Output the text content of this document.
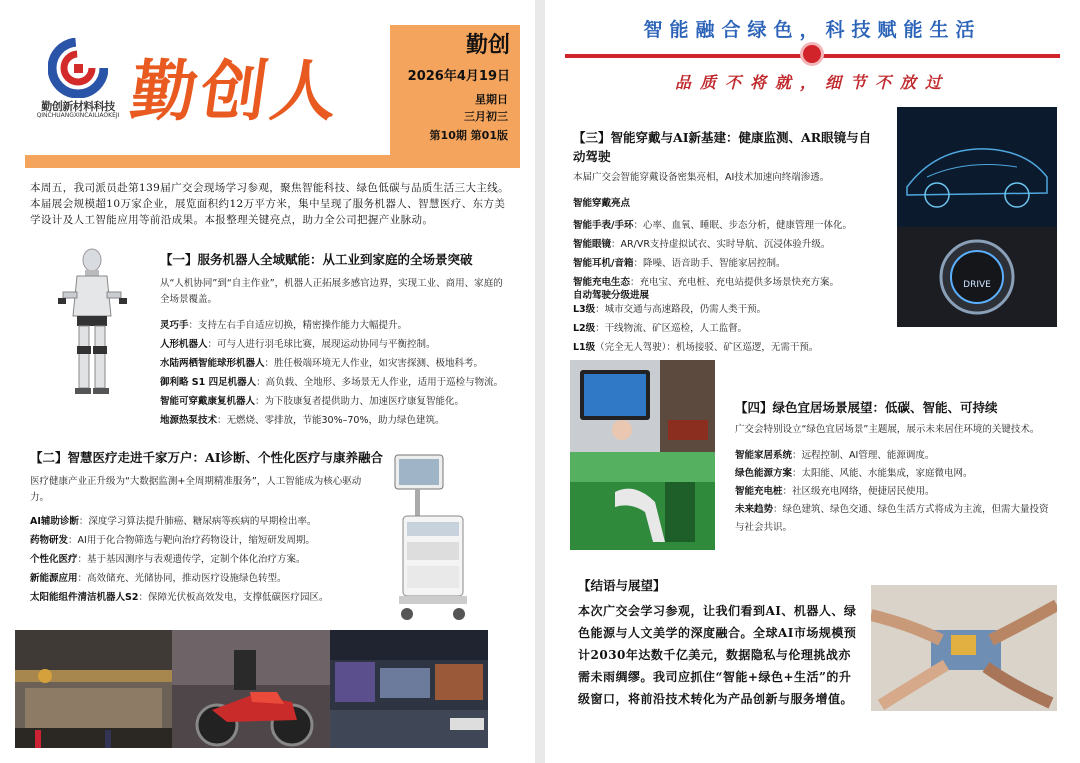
勤创新材料科技
QINCHUANGXINCAILIAOKEJI 勤创人
勤创
2026年4月19日
星期日
三月初三
第10期 第01版
本周五，我司派员赴第139届广交会现场学习参观，聚焦智能科技、绿色低碳与品质生活三大主线。本届展会规模超10万家企业，展览面积约12万平方米，集中呈现了服务机器人、智慧医疗、东方美学设计及人工智能应用等前沿成果。本报整理关键亮点，助力全公司把握产业脉动。
【一】服务机器人全域赋能：从工业到家庭的全场景突破
从“人机协同”到“自主作业”，机器人正拓展多感官边界，实现工业、商用、家庭的全场景覆盖。
灵巧手：支持左右手自适应切换，精密操作能力大幅提升。
人形机器人：可与人进行羽毛球比赛，展现运动协同与平衡控制。
水陆两栖智能球形机器人：胜任极端环境无人作业，如灾害探测、极地科考。
御利略 S1 四足机器人：高负载、全地形、多场景无人作业，适用于巡检与物流。
智能可穿戴康复机器人：为下肢康复者提供助力、加速医疗康复智能化。
地源热泵技术：无燃烧、零排放，节能30%–70%，助力绿色建筑。
【二】智慧医疗走进千家万户：AI诊断、个性化医疗与康养融合
医疗健康产业正升级为“大数据监测+全周期精准服务”，人工智能成为核心驱动力。
AI辅助诊断：深度学习算法提升肺癌、糖尿病等疾病的早期检出率。
药物研发：AI用于化合物筛选与靶向治疗药物设计，缩短研发周期。
个性化医疗：基于基因测序与表观遗传学，定制个体化治疗方案。
新能源应用：高效储充、光储协同，推动医疗设施绿色转型。
太阳能组件清洁机器人S2：保障光伏板高效发电，支撑低碳医疗园区。
智能融合绿色，科技赋能生活
品质不将就，细节不放过
【三】智能穿戴与AI新基建：健康监测、AR眼镜与自动驾驶
本届广交会智能穿戴设备密集亮相，AI技术加速向终端渗透。
智能穿戴亮点
智能手表/手环：心率、血氧、睡眠、步态分析，健康管理一体化。
智能眼镜：AR/VR支持虚拟试衣、实时导航、沉浸体验升级。
智能耳机/音箱：降噪、语音助手、智能家居控制。
智能充电生态：充电宝、充电桩、充电站提供多场景快充方案。
自动驾驶分级进展
L3级：城市交通与高速路段，仍需人类干预。
L2级：干线物流、矿区巡检，人工监督。
L1级（完全无人驾驶）：机场接驳、矿区巡逻，无需干预。
DRIVE
【四】绿色宜居场景展望：低碳、智能、可持续
广交会特别设立“绿色宜居场景”主题展，展示未来居住环境的关键技术。
智能家居系统：远程控制、AI管理、能源调度。
绿色能源方案：太阳能、风能、水能集成，家庭微电网。
智能充电桩：社区级充电网络，便捷居民使用。
未来趋势：绿色建筑、绿色交通、绿色生活方式将成为主流，但需大量投资与社会共识。
【结语与展望】
本次广交会学习参观，让我们看到AI、机器人、绿色能源与人文美学的深度融合。全球AI市场规模预计2030年达数千亿美元，数据隐私与伦理挑战亦需未雨绸缪。我司应抓住“智能+绿色+生活”的升级窗口，将前沿技术转化为产品创新与服务增值。
